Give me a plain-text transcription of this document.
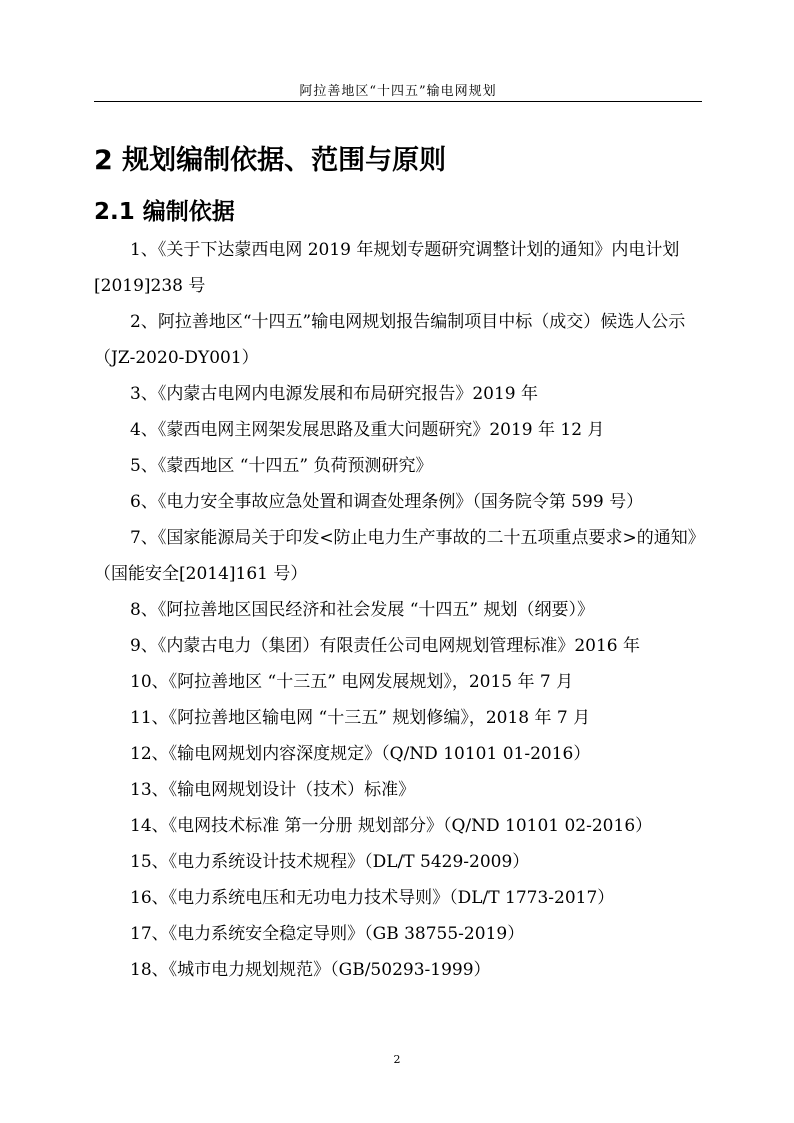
阿拉善地区“十四五”输电网规划
2 规划编制依据、范围与原则
2.1 编制依据
1、《关于下达蒙西电网 2019 年规划专题研究调整计划的通知》内电计划[2019]238 号
2、阿拉善地区“十四五”输电网规划报告编制项目中标（成交）候选人公示（JZ-2020-DY001）
3、《内蒙古电网内电源发展和布局研究报告》2019 年
4、《蒙西电网主网架发展思路及重大问题研究》2019 年 12 月
5、《蒙西地区 “十四五” 负荷预测研究》
6、《电力安全事故应急处置和调查处理条例》（国务院令第 599 号）
7、《国家能源局关于印发<防止电力生产事故的二十五项重点要求>的通知》（国能安全[2014]161 号）
8、《阿拉善地区国民经济和社会发展 “十四五” 规划（纲要）》
9、《内蒙古电力（集团）有限责任公司电网规划管理标准》2016 年
10、《阿拉善地区 “十三五” 电网发展规划》，2015 年 7 月
11、《阿拉善地区输电网 “十三五” 规划修编》，2018 年 7 月
12、《输电网规划内容深度规定》（Q/ND 10101 01-2016）
13、《输电网规划设计（技术）标准》
14、《电网技术标准 第一分册 规划部分》（Q/ND 10101 02-2016）
15、《电力系统设计技术规程》（DL/T 5429-2009）
16、《电力系统电压和无功电力技术导则》（DL/T 1773-2017）
17、《电力系统安全稳定导则》（GB 38755-2019）
18、《城市电力规划规范》（GB/50293-1999）
2
